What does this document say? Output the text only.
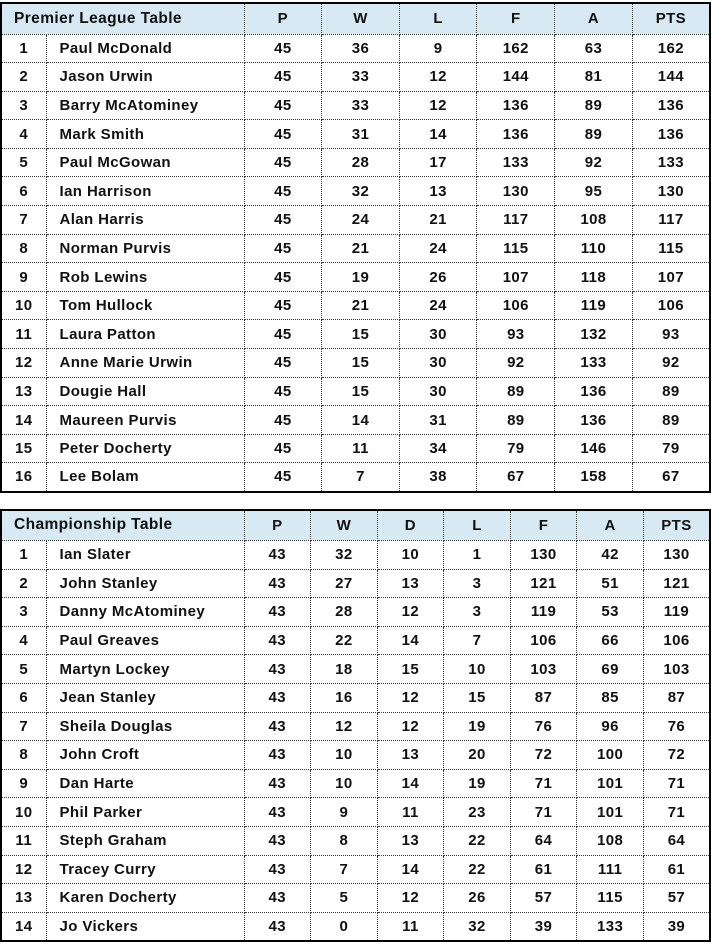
Premier League Table		P	W	L	F	A	PTS
1	Paul McDonald	45	36	9	162	63	162
2	Jason Urwin	45	33	12	144	81	144
3	Barry McAtominey	45	33	12	136	89	136
4	Mark Smith	45	31	14	136	89	136
5	Paul McGowan	45	28	17	133	92	133
6	Ian Harrison	45	32	13	130	95	130
7	Alan Harris	45	24	21	117	108	117
8	Norman Purvis	45	21	24	115	110	115
9	Rob Lewins	45	19	26	107	118	107
10	Tom Hullock	45	21	24	106	119	106
11	Laura Patton	45	15	30	93	132	93
12	Anne Marie Urwin	45	15	30	92	133	92
13	Dougie Hall	45	15	30	89	136	89
14	Maureen Purvis	45	14	31	89	136	89
15	Peter Docherty	45	11	34	79	146	79
16	Lee Bolam	45	7	38	67	158	67
Championship Table		P	W	D	L	F	A	PTS
1	Ian Slater	43	32	10	1	130	42	130
2	John Stanley	43	27	13	3	121	51	121
3	Danny McAtominey	43	28	12	3	119	53	119
4	Paul Greaves	43	22	14	7	106	66	106
5	Martyn Lockey	43	18	15	10	103	69	103
6	Jean Stanley	43	16	12	15	87	85	87
7	Sheila Douglas	43	12	12	19	76	96	76
8	John Croft	43	10	13	20	72	100	72
9	Dan Harte	43	10	14	19	71	101	71
10	Phil Parker	43	9	11	23	71	101	71
11	Steph Graham	43	8	13	22	64	108	64
12	Tracey Curry	43	7	14	22	61	111	61
13	Karen Docherty	43	5	12	26	57	115	57
14	Jo Vickers	43	0	11	32	39	133	39
